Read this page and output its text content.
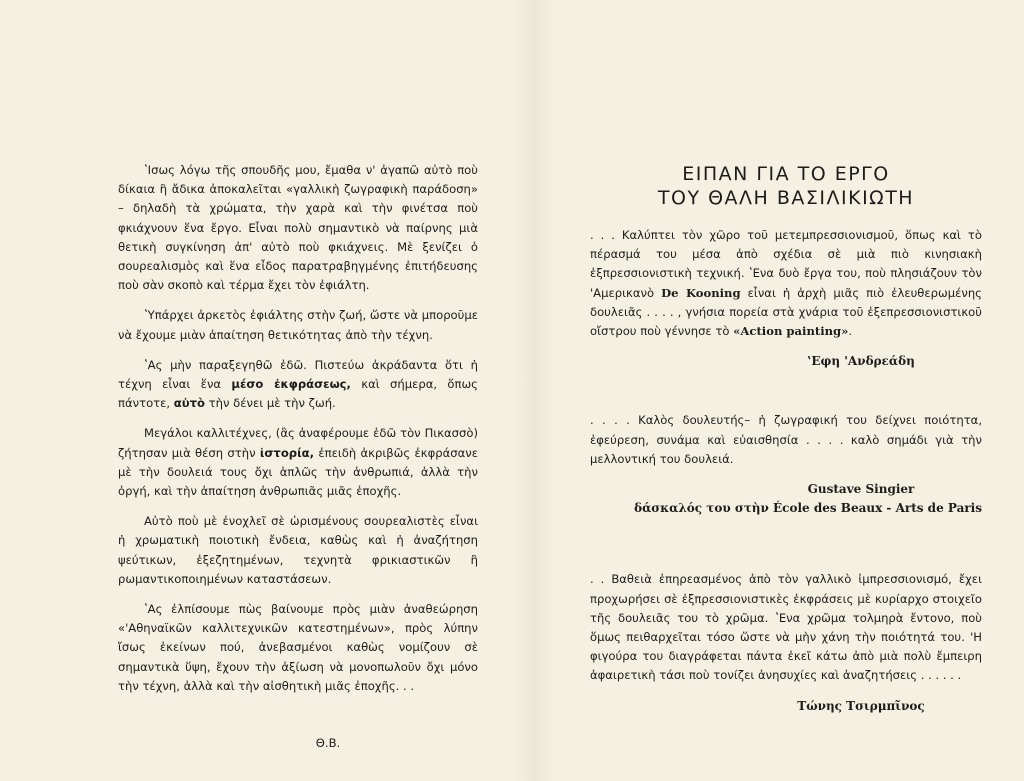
ʽΙσως λόγω τῆς σπουδῆς μου, ἔμαθα ν' ἀγαπῶ αὐτὸ ποὺ δίκαια ἢ ἄδικα ἀποκαλεῖται «γαλλικὴ ζωγραφικὴ παράδοση» – δηλαδὴ τὰ χρώματα, τὴν χαρὰ καὶ τὴν φινέτσα ποὺ φκιάχνουν ἕνα ἔργο. Εἶναι πολὺ σημαντικὸ νὰ παίρνης μιὰ θετικὴ συγκίνηση ἀπ' αὐτὸ ποὺ φκιάχνεις. Μὲ ξενίζει ὁ σουρεαλισμὸς καὶ ἕνα εἶδος παρατραβηγμένης ἐπιτήδευσης ποὺ σὰν σκοπὸ καὶ τέρμα ἔχει τὸν ἐφιάλτη.

ʽΥπάρχει ἀρκετὸς ἐφιάλτης στὴν ζωή, ὥστε νὰ μποροῦμε νὰ ἔχουμε μιὰν ἀπαίτηση θετικότητας ἀπὸ τὴν τέχνη.

ʽΑς μὴν παραξεγηθῶ ἐδῶ. Πιστεύω ἀκράδαντα ὅτι ἡ τέχνη εἶναι ἕνα μέσο ἐκφράσεως, καὶ σήμερα, ὅπως πάντοτε, αὐτὸ τὴν δένει μὲ τὴν ζωή.

Μεγάλοι καλλιτέχνες, (ἂς ἀναφέρουμε ἐδῶ τὸν Πικασσὸ) ζήτησαν μιὰ θέση στὴν ἱστορία, ἐπειδὴ ἀκριβῶς ἐκφράσανε μὲ τὴν δουλειά τους ὄχι ἁπλῶς τὴν ἀνθρωπιά, ἀλλὰ τὴν ὀργή, καὶ τὴν ἀπαίτηση ἀνθρωπιᾶς μιᾶς ἐποχῆς.

Αὐτὸ ποὺ μὲ ἐνοχλεῖ σὲ ὡρισμένους σουρεαλιστὲς εἶναι ἡ χρωματικὴ ποιοτικὴ ἔνδεια, καθὼς καὶ ἡ ἀναζήτηση ψεύτικων, ἐξεζητημένων, τεχνητὰ φρικιαστικῶν ἢ ρωμαντικοποιημένων καταστάσεων.

ʽΑς ἐλπίσουμε πὼς βαίνουμε πρὸς μιὰν ἀναθεώρηση «'Αθηναϊκῶν καλλιτεχνικῶν κατεστημένων», πρὸς λύπην ἴσως ἐκείνων πού, ἀνεβασμένοι καθὼς νομίζουν σὲ σημαντικὰ ὕψη, ἔχουν τὴν ἀξίωση νὰ μονοπωλοῦν ὄχι μόνο τὴν τέχνη, ἀλλὰ καὶ τὴν αἰσθητικὴ μιᾶς ἐποχῆς. . .

Θ.Β.
ΕΙΠΑΝ ΓΙΑ ΤΟ ΕΡΓΟ
ΤΟΥ ΘΑΛΗ ΒΑΣΙΛΙΚΙΩΤΗ

. . . Καλύπτει τὸν χῶρο τοῦ μετεμπρεσσιονισμοῦ, ὅπως καὶ τὸ πέρασμά του μέσα ἀπὸ σχέδια σὲ μιὰ πιὸ κινησιακὴ ἐξπρεσσιονιστικὴ τεχνική. ʽΕνα δυὸ ἔργα του, ποὺ πλησιάζουν τὸν 'Αμερικανὸ De Kooning εἶναι ἡ ἀρχὴ μιᾶς πιὸ ἐλευθερωμένης δουλειᾶς . . . . , γνήσια πορεία στὰ χνάρια τοῦ ἐξεπρεσσιονιστικοῦ οἴστρου ποὺ γέννησε τὸ «Action painting».

ʽΕφη 'Ανδρεάδη

. . . . Καλὸς δουλευτής– ἡ ζωγραφική του δείχνει ποιότητα, ἐφεύρεση, συνάμα καὶ εὐαισθησία . . . . καλὸ σημάδι γιὰ τὴν μελλοντική του δουλειά.

Gustave Singier
δάσκαλός του στὴν École des Beaux - Arts de Paris

. . Βαθειὰ ἐπηρεασμένος ἀπὸ τὸν γαλλικὸ ἰμπρεσσιονισμό, ἔχει προχωρήσει σὲ ἐξπρεσσιονιστικὲς ἐκφράσεις μὲ κυρίαρχο στοιχεῖο τῆς δουλειᾶς του τὸ χρῶμα. ʽΕνα χρῶμα τολμηρὰ ἔντονο, ποὺ ὅμως πειθαρχεῖται τόσο ὥστε νὰ μὴν χάνη τὴν ποιότητά του. 'Η φιγούρα του διαγράφεται πάντα ἐκεῖ κάτω ἀπὸ μιὰ πολὺ ἔμπειρη ἀφαιρετικὴ τάσι ποὺ τονίζει ἀνησυχίες καὶ ἀναζητήσεις . . . . . .

Τώνης Τσιρμπῖνος
